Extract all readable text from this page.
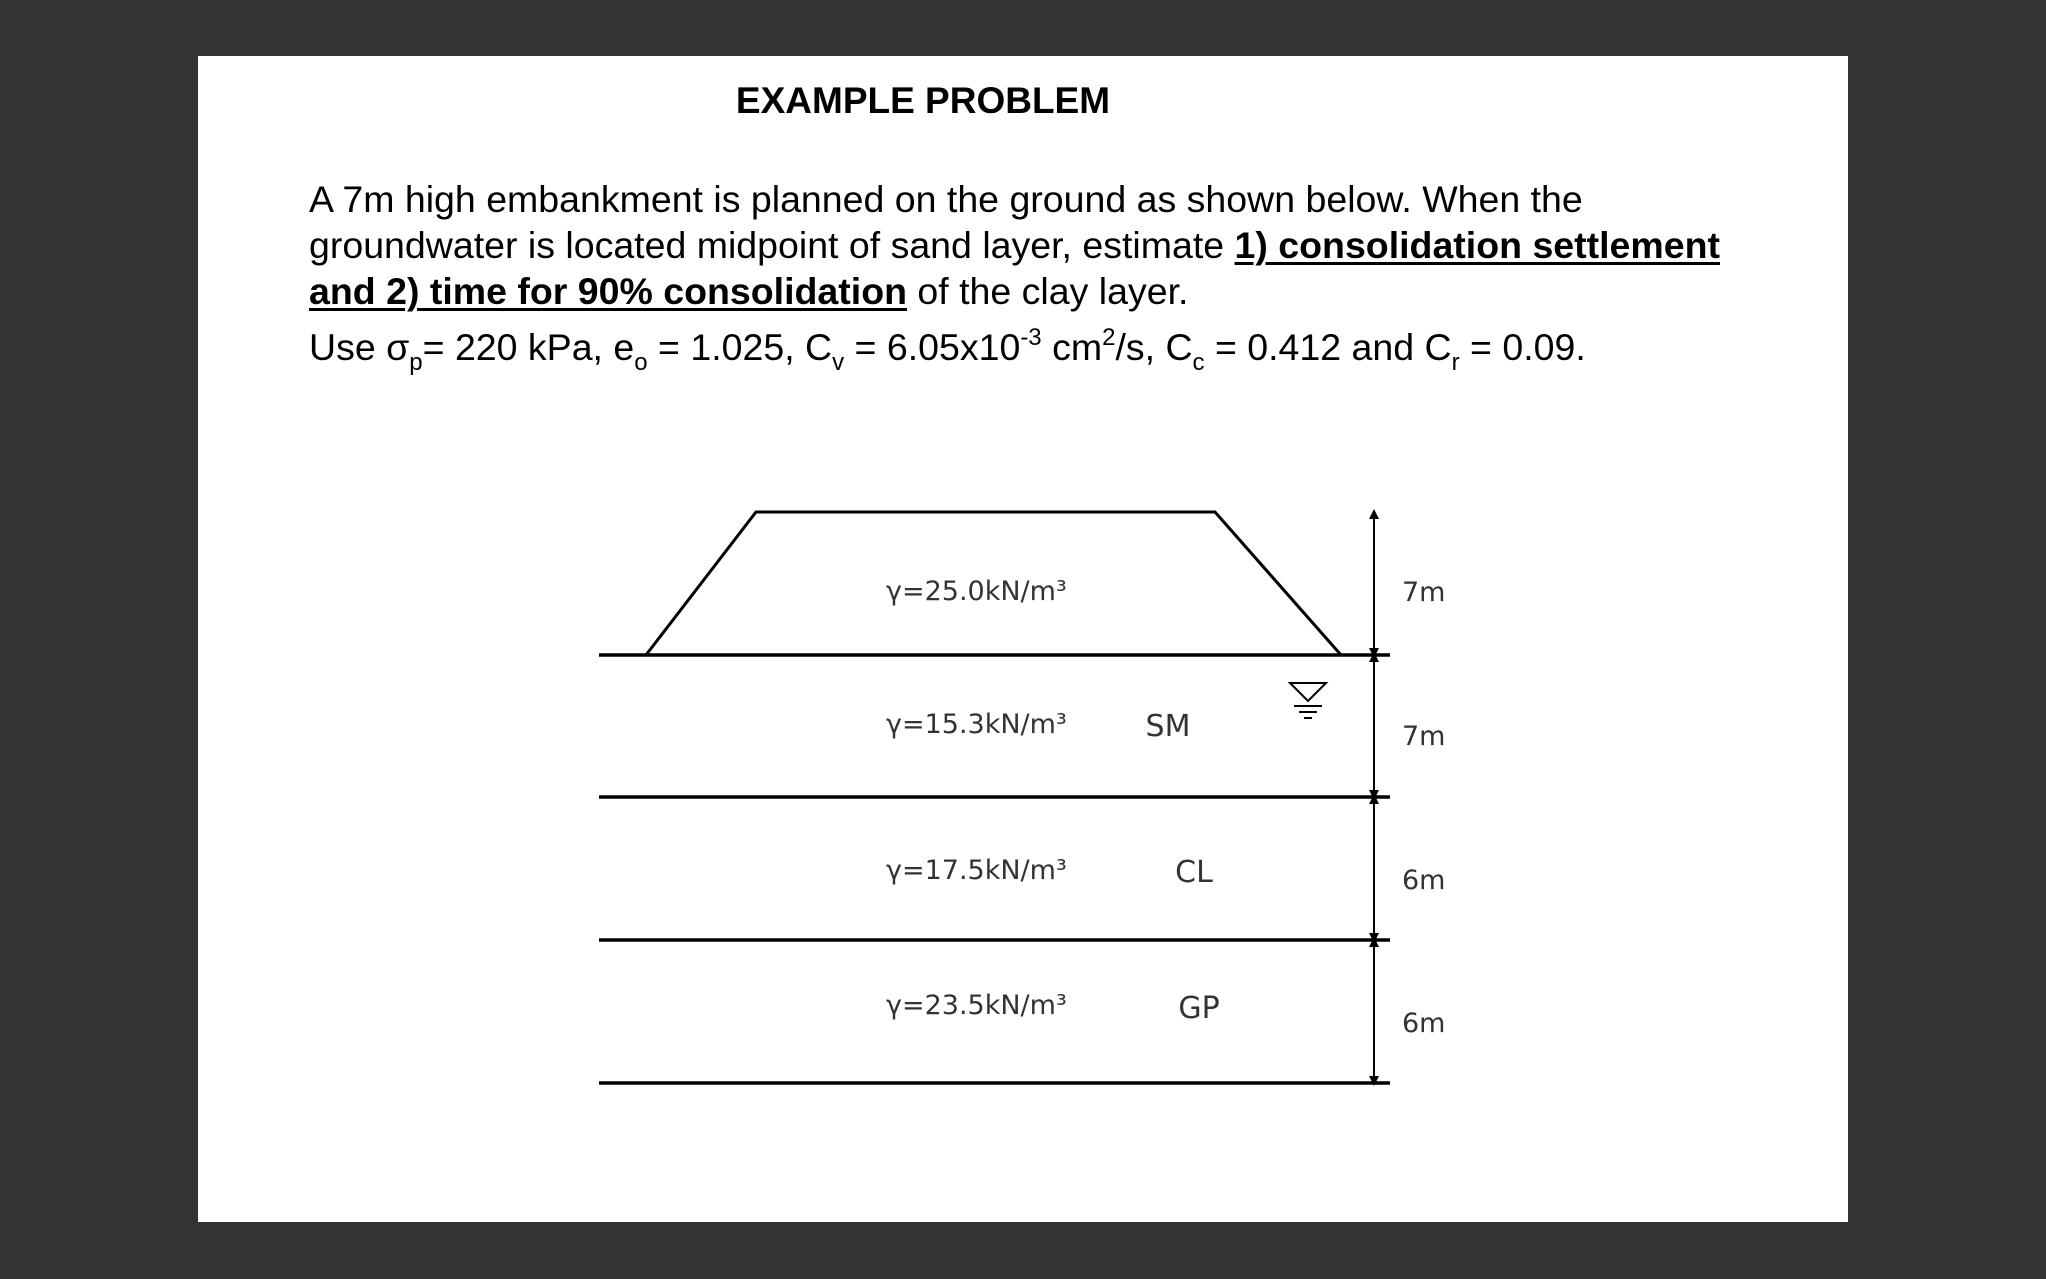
EXAMPLE PROBLEM
A 7m high embankment is planned on the ground as shown below. When the groundwater is located midpoint of sand layer, estimate 1) consolidation settlement and 2) time for 90% consolidation of the clay layer.
Use $\sigma_p= 220$ kPa, $e_o = 1.025$, $C_v = 6.05x10^{-3}$ $cm^2/s$, $C_c = 0.412$ and $C_r = 0.09$.
γ=25.0kN/m³
γ=15.3kN/m³
γ=17.5kN/m³
γ=23.5kN/m³
SM
CL
GP
7m
7m
6m
6m
